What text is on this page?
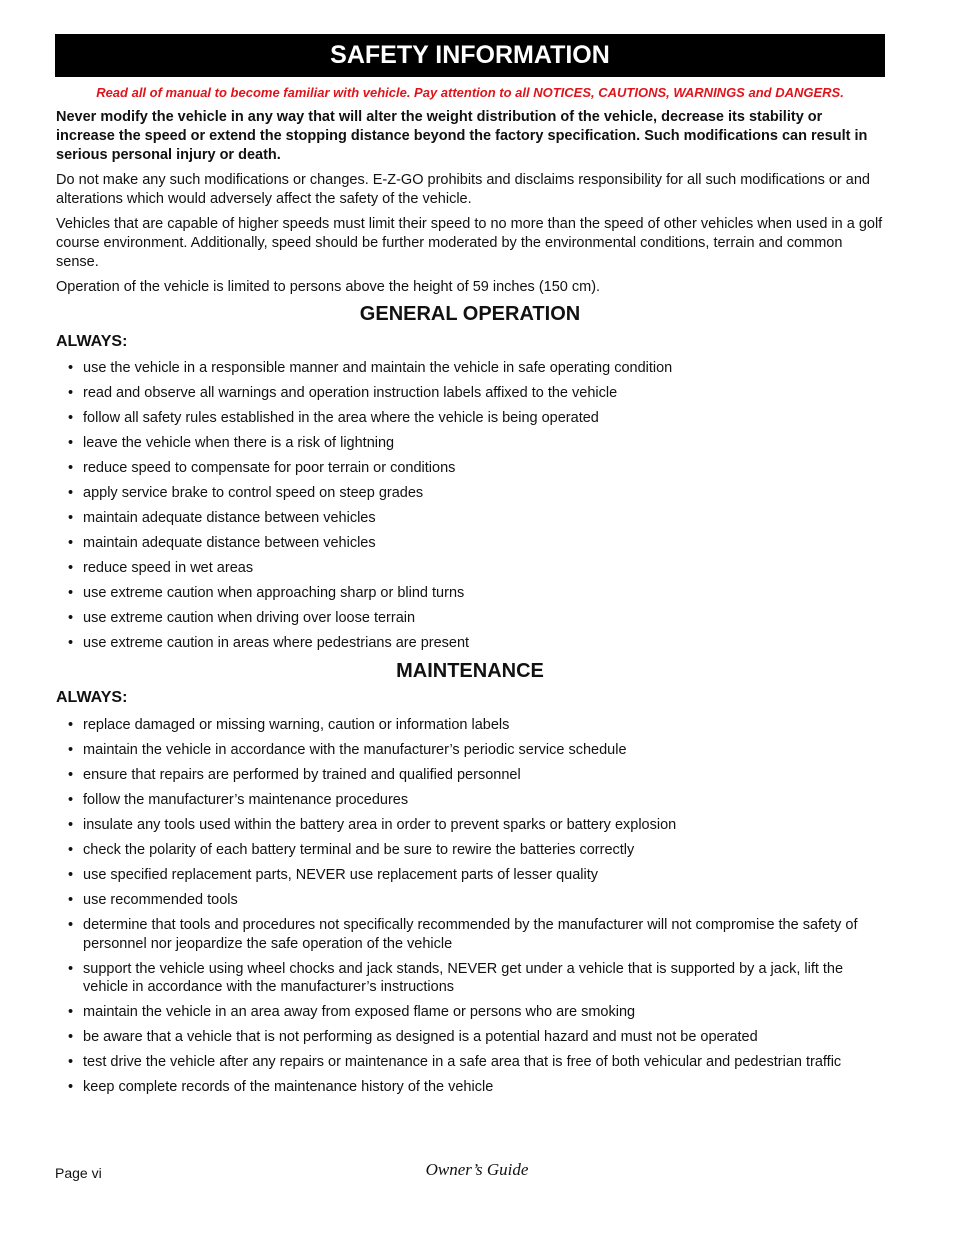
SAFETY INFORMATION
Read all of manual to become familiar with vehicle. Pay attention to all NOTICES, CAUTIONS, WARNINGS and DANGERS.
Never modify the vehicle in any way that will alter the weight distribution of the vehicle, decrease its stability or increase the speed or extend the stopping distance beyond the factory specification. Such modifications can result in serious personal injury or death.
Do not make any such modifications or changes. E-Z-GO prohibits and disclaims responsibility for all such modifications or and alterations which would adversely affect the safety of the vehicle.
Vehicles that are capable of higher speeds must limit their speed to no more than the speed of other vehicles when used in a golf course environment. Additionally, speed should be further moderated by the environmental conditions, terrain and common sense.
Operation of the vehicle is limited to persons above the height of 59 inches (150 cm).
GENERAL OPERATION
ALWAYS:
• use the vehicle in a responsible manner and maintain the vehicle in safe operating condition
• read and observe all warnings and operation instruction labels affixed to the vehicle
• follow all safety rules established in the area where the vehicle is being operated
• leave the vehicle when there is a risk of lightning
• reduce speed to compensate for poor terrain or conditions
• apply service brake to control speed on steep grades
• maintain adequate distance between vehicles
• maintain adequate distance between vehicles
• reduce speed in wet areas
• use extreme caution when approaching sharp or blind turns
• use extreme caution when driving over loose terrain
• use extreme caution in areas where pedestrians are present
MAINTENANCE
ALWAYS:
• replace damaged or missing warning, caution or information labels
• maintain the vehicle in accordance with the manufacturer’s periodic service schedule
• ensure that repairs are performed by trained and qualified personnel
• follow the manufacturer’s maintenance procedures
• insulate any tools used within the battery area in order to prevent sparks or battery explosion
• check the polarity of each battery terminal and be sure to rewire the batteries correctly
• use specified replacement parts, NEVER use replacement parts of lesser quality
• use recommended tools
• determine that tools and procedures not specifically recommended by the manufacturer will not compromise the safety of personnel nor jeopardize the safe operation of the vehicle
• support the vehicle using wheel chocks and jack stands, NEVER get under a vehicle that is supported by a jack, lift the vehicle in accordance with the manufacturer’s instructions
• maintain the vehicle in an area away from exposed flame or persons who are smoking
• be aware that a vehicle that is not performing as designed is a potential hazard and must not be operated
• test drive the vehicle after any repairs or maintenance in a safe area that is free of both vehicular and pedestrian traffic
• keep complete records of the maintenance history of the vehicle
Page vi	Owner’s Guide
